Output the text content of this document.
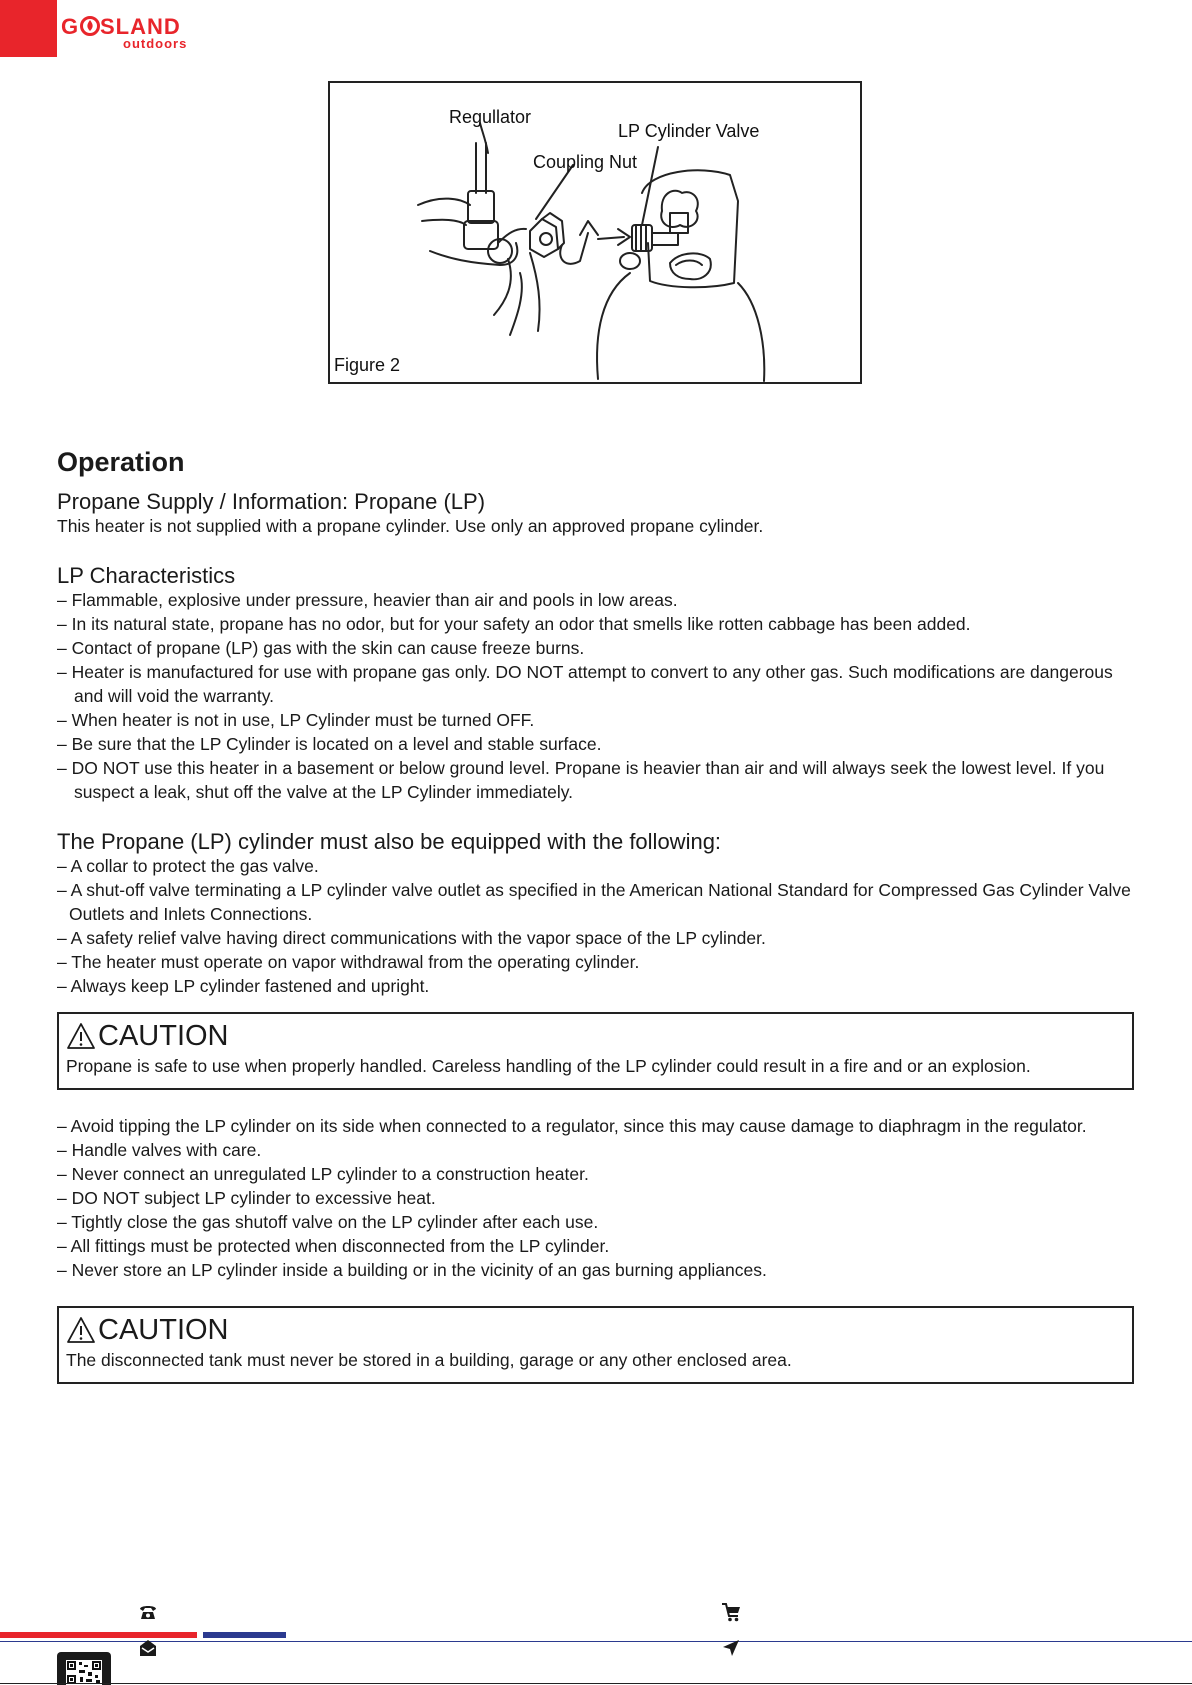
G SLAND
outdoors
Regullator
LP Cylinder Valve
Coupling Nut
Figure 2
Operation
Propane Supply / Information: Propane (LP)

This heater is not supplied with a propane cylinder. Use only an approved propane cylinder.

LP Characteristics
– Flammable, explosive under pressure, heavier than air and pools in low areas.
– In its natural state, propane has no odor, but for your safety an odor that smells like rotten cabbage has been added.
– Contact of propane (LP) gas with the skin can cause freeze burns.
– Heater is manufactured for use with propane gas only. DO NOT attempt to convert to any other gas. Such modifications are dangerous and will void the warranty.
– When heater is not in use, LP Cylinder must be turned OFF.
– Be sure that the LP Cylinder is located on a level and stable surface.
– DO NOT use this heater in a basement or below ground level. Propane is heavier than air and will always seek the lowest level. If you suspect a leak, shut off the valve at the LP Cylinder immediately.
The Propane (LP) cylinder must also be equipped with the following:
– A collar to protect the gas valve.
– A shut-off valve terminating a LP cylinder valve outlet as specified in the American National Standard for Compressed Gas Cylinder Valve Outlets and Inlets Connections.
– A safety relief valve having direct communications with the vapor space of the LP cylinder.
– The heater must operate on vapor withdrawal from the operating cylinder.
– Always keep LP cylinder fastened and upright.
CAUTION
Propane is safe to use when properly handled. Careless handling of the LP cylinder could result in a fire and or an explosion.
– Avoid tipping the LP cylinder on its side when connected to a regulator, since this may cause damage to diaphragm in the regulator.
– Handle valves with care.
– Never connect an unregulated LP cylinder to a construction heater.
– DO NOT subject LP cylinder to excessive heat.
– Tightly close the gas shutoff valve on the LP cylinder after each use.
– All fittings must be protected when disconnected from the LP cylinder.
– Never store an LP cylinder inside a building or in the vicinity of an gas burning appliances.
CAUTION
The disconnected tank must never be stored in a building, garage or any other enclosed area.
